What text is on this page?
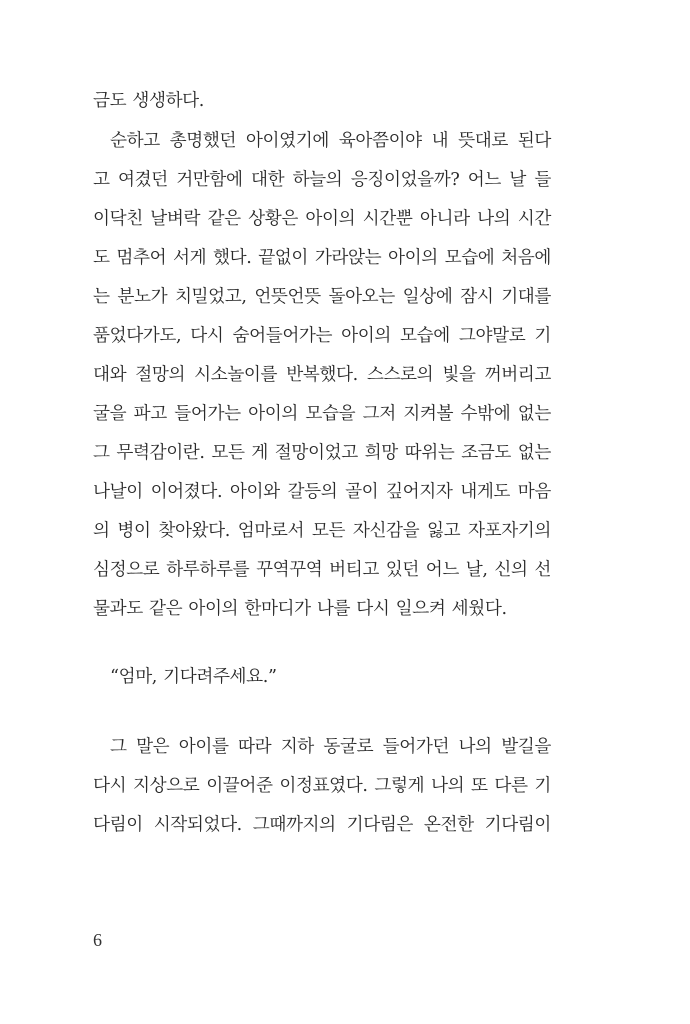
금도 생생하다.
순하고 총명했던 아이였기에 육아쯤이야 내 뜻대로 된다
고 여겼던 거만함에 대한 하늘의 응징이었을까? 어느 날 들
이닥친 날벼락 같은 상황은 아이의 시간뿐 아니라 나의 시간
도 멈추어 서게 했다. 끝없이 가라앉는 아이의 모습에 처음에
는 분노가 치밀었고, 언뜻언뜻 돌아오는 일상에 잠시 기대를
품었다가도, 다시 숨어들어가는 아이의 모습에 그야말로 기
대와 절망의 시소놀이를 반복했다. 스스로의 빛을 꺼버리고
굴을 파고 들어가는 아이의 모습을 그저 지켜볼 수밖에 없는
그 무력감이란. 모든 게 절망이었고 희망 따위는 조금도 없는
나날이 이어졌다. 아이와 갈등의 골이 깊어지자 내게도 마음
의 병이 찾아왔다. 엄마로서 모든 자신감을 잃고 자포자기의
심정으로 하루하루를 꾸역꾸역 버티고 있던 어느 날, 신의 선
물과도 같은 아이의 한마디가 나를 다시 일으켜 세웠다.
“엄마, 기다려주세요.”
그 말은 아이를 따라 지하 동굴로 들어가던 나의 발길을
다시 지상으로 이끌어준 이정표였다. 그렇게 나의 또 다른 기
다림이 시작되었다. 그때까지의 기다림은 온전한 기다림이
6
